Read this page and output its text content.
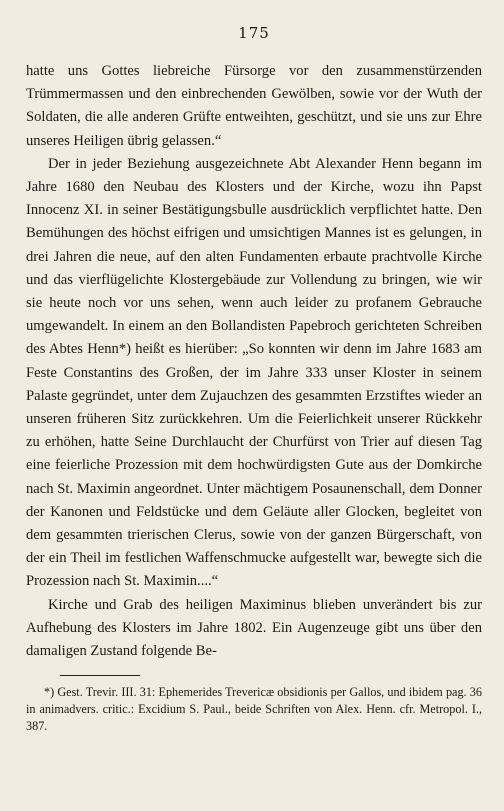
175

hatte uns Gottes liebreiche Fürsorge vor den zusammenstürzenden Trümmermassen und den einbrechenden Gewölben, sowie vor der Wuth der Soldaten, die alle anderen Grüfte entweihten, geschützt, und sie uns zur Ehre unseres Heiligen übrig gelassen.“

Der in jeder Beziehung ausgezeichnete Abt Alexander Henn begann im Jahre 1680 den Neubau des Klosters und der Kirche, wozu ihn Papst Innocenz XI. in seiner Bestätigungsbulle ausdrücklich verpflichtet hatte. Den Bemühungen des höchst eifrigen und umsichtigen Mannes ist es gelungen, in drei Jahren die neue, auf den alten Fundamenten erbaute prachtvolle Kirche und das vierflügelichte Klostergebäude zur Vollendung zu bringen, wie wir sie heute noch vor uns sehen, wenn auch leider zu profanem Gebrauche umgewandelt. In einem an den Bollandisten Papebroch gerichteten Schreiben des Abtes Henn*) heißt es hierüber: „So konnten wir denn im Jahre 1683 am Feste Constantins des Großen, der im Jahre 333 unser Kloster in seinem Palaste gegründet, unter dem Zujauchzen des gesammten Erzstiftes wieder an unseren früheren Sitz zurückkehren. Um die Feierlichkeit unserer Rückkehr zu erhöhen, hatte Seine Durchlaucht der Churfürst von Trier auf diesen Tag eine feierliche Prozession mit dem hochwürdigsten Gute aus der Domkirche nach St. Maximin angeordnet. Unter mächtigem Posaunenschall, dem Donner der Kanonen und Feldstücke und dem Geläute aller Glocken, begleitet von dem gesammten trierischen Clerus, sowie von der ganzen Bürgerschaft, von der ein Theil im festlichen Waffenschmucke aufgestellt war, bewegte sich die Prozession nach St. Maximin....“

Kirche und Grab des heiligen Maximinus blieben unverändert bis zur Aufhebung des Klosters im Jahre 1802. Ein Augenzeuge gibt uns über den damaligen Zustand folgende Be-

*) Gest. Trevir. III. 31: Ephemerides Trevericæ obsidionis per Gallos, und ibidem pag. 36 in animadvers. critic.: Excidium S. Paul., beide Schriften von Alex. Henn. cfr. Metropol. I., 387.
